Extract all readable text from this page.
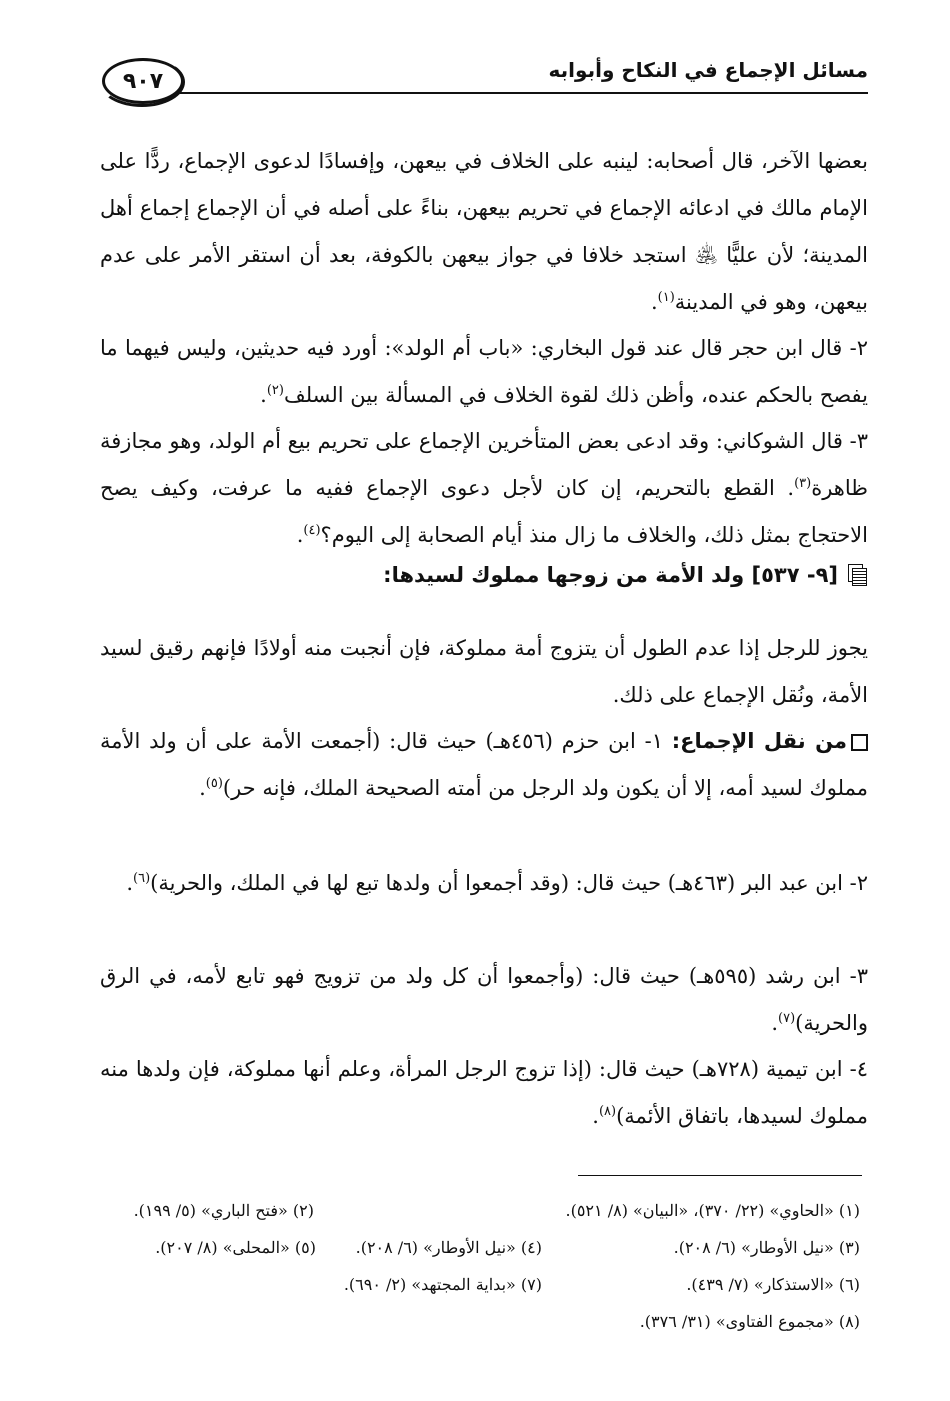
مسائل الإجماع في النكاح وأبوابه
٩٠٧

بعضها الآخر، قال أصحابه: لينبه على الخلاف في بيعهن، وإفسادًا لدعوى الإجماع، ردًّا على الإمام مالك في ادعائه الإجماع في تحريم بيعهن، بناءً على أصله في أن الإجماع إجماع أهل المدينة؛ لأن عليًّا ﵁ استجد خلافا في جواز بيعهن بالكوفة، بعد أن استقر الأمر على عدم بيعهن، وهو في المدينة$^{(١)}$.

٢- قال ابن حجر قال عند قول البخاري: «باب أم الولد»: أورد فيه حديثين، وليس فيهما ما يفصح بالحكم عنده، وأظن ذلك لقوة الخلاف في المسألة بين السلف$^{(٢)}$.

٣- قال الشوكاني: وقد ادعى بعض المتأخرين الإجماع على تحريم بيع أم الولد، وهو مجازفة ظاهرة$^{(٣)}$. القطع بالتحريم، إن كان لأجل دعوى الإجماع ففيه ما عرفت، وكيف يصح الاحتجاج بمثل ذلك، والخلاف ما زال منذ أيام الصحابة إلى اليوم؟$^{(٤)}$.

[٩- ٥٣٧] ولد الأمة من زوجها مملوك لسيدها:

يجوز للرجل إذا عدم الطول أن يتزوج أمة مملوكة، فإن أنجبت منه أولادًا فإنهم رقيق لسيد الأمة، ونُقل الإجماع على ذلك.

من نقل الإجماع: ١- ابن حزم (٤٥٦هـ) حيث قال: (أجمعت الأمة على أن ولد الأمة مملوك لسيد أمه، إلا أن يكون ولد الرجل من أمته الصحيحة الملك، فإنه حر)$^{(٥)}$.

٢- ابن عبد البر (٤٦٣هـ) حيث قال: (وقد أجمعوا أن ولدها تبع لها في الملك، والحرية)$^{(٦)}$.

٣- ابن رشد (٥٩٥هـ) حيث قال: (وأجمعوا أن كل ولد من تزويج فهو تابع لأمه، في الرق والحرية)$^{(٧)}$.

٤- ابن تيمية (٧٢٨هـ) حيث قال: (إذا تزوج الرجل المرأة، وعلم أنها مملوكة، فإن ولدها منه مملوك لسيدها، باتفاق الأئمة)$^{(٨)}$.

(١) «الحاوي» (٢٢/ ٣٧٠)، «البيان» (٨/ ٥٢١).
(٢) «فتح الباري» (٥/ ١٩٩).
(٣) «نيل الأوطار» (٦/ ٢٠٨).
(٤) «نيل الأوطار» (٦/ ٢٠٨).
(٥) «المحلى» (٨/ ٢٠٧).
(٦) «الاستذكار» (٧/ ٤٣٩).
(٧) «بداية المجتهد» (٢/ ٦٩٠).
(٨) «مجموع الفتاوى» (٣١/ ٣٧٦).
